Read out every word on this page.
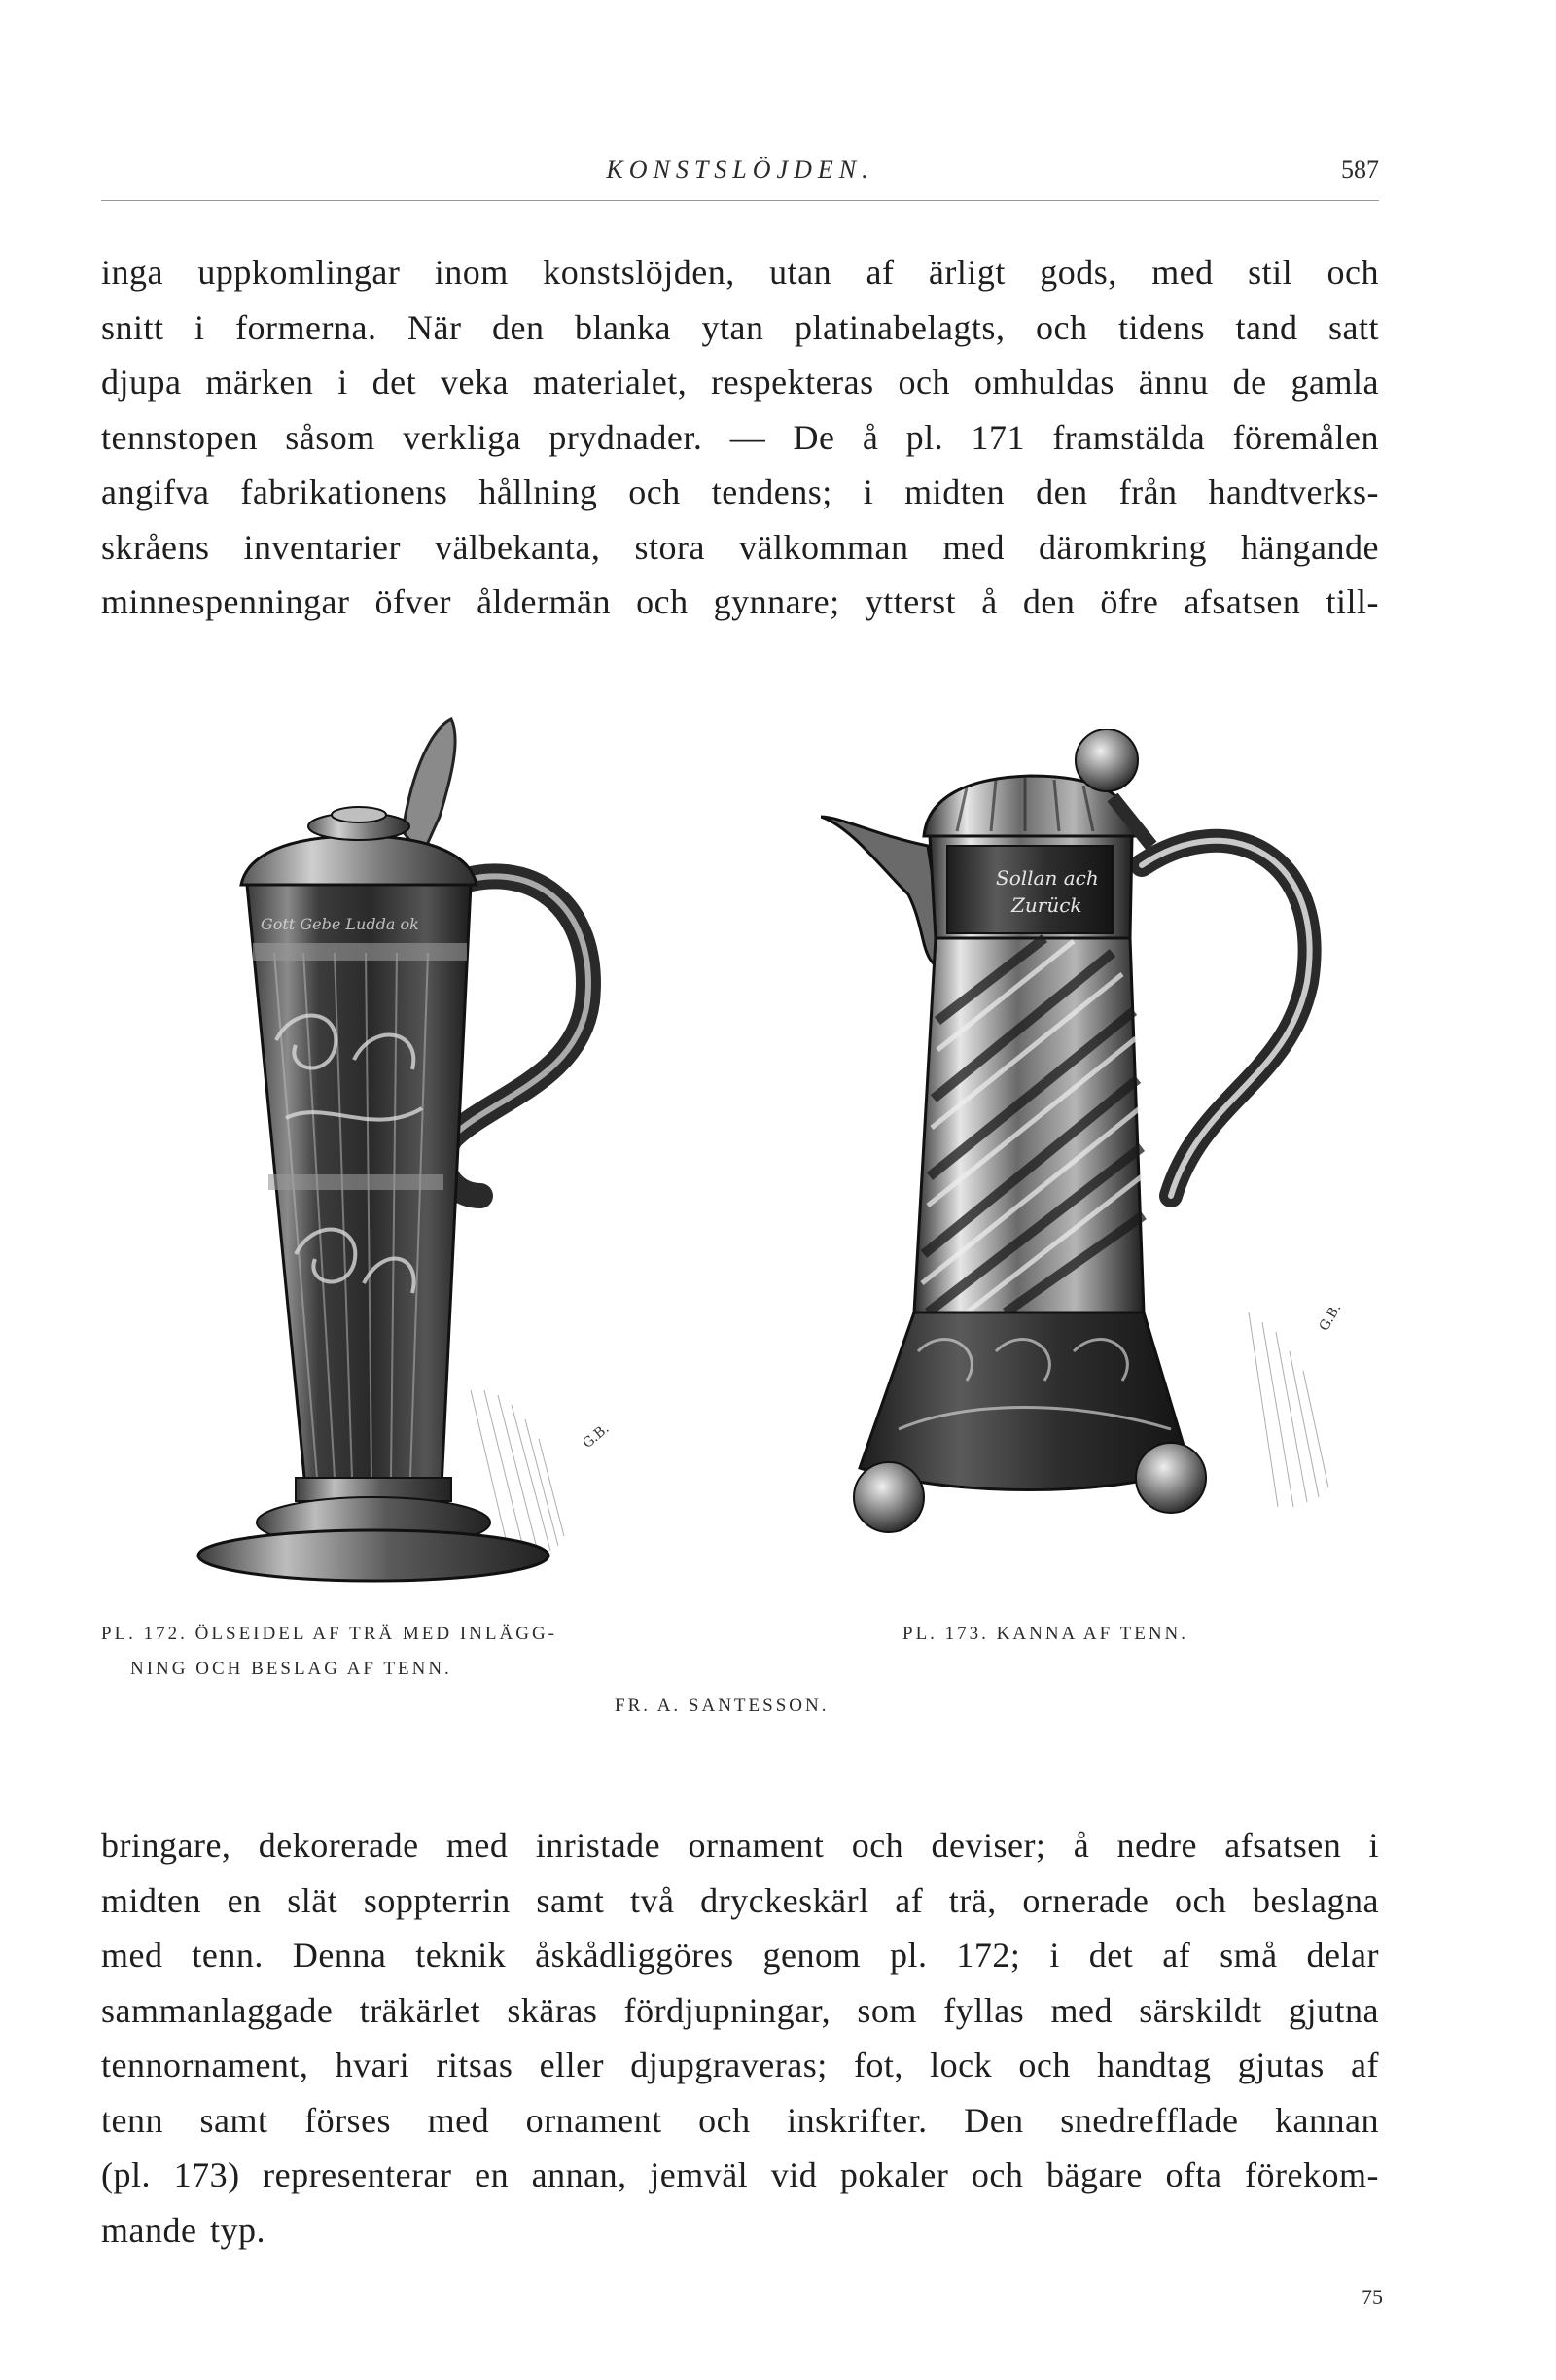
KONSTSLÖJDEN.	587
inga uppkomlingar inom konstslöjden, utan af ärligt gods, med stil och
snitt i formerna. När den blanka ytan platinabelagts, och tidens tand satt
djupa märken i det veka materialet, respekteras och omhuldas ännu de gamla
tennstopen såsom verkliga prydnader. — De å pl. 171 framstälda föremålen
angifva fabrikationens hållning och tendens; i midten den från handtverks-
skråens inventarier välbekanta, stora välkomman med däromkring hängande
minnespenningar öfver åldermän och gynnare; ytterst å den öfre afsatsen till-
Gott Gebe Ludda ok
G.B.
Sollan ach
Zurück
G.B.
PL. 172. ÖLSEIDEL AF TRÄ MED INLÄGG-
NING OCH BESLAG AF TENN.
PL. 173. KANNA AF TENN.
FR. A. SANTESSON.
bringare, dekorerade med inristade ornament och deviser; å nedre afsatsen i
midten en slät soppterrin samt två dryckeskärl af trä, ornerade och beslagna
med tenn. Denna teknik åskådliggöres genom pl. 172; i det af små delar
sammanlaggade träkärlet skäras fördjupningar, som fyllas med särskildt gjutna
tennornament, hvari ritsas eller djupgraveras; fot, lock och handtag gjutas af
tenn samt förses med ornament och inskrifter. Den snedrefflade kannan
(pl. 173) representerar en annan, jemväl vid pokaler och bägare ofta förekom-
mande typ.
75
